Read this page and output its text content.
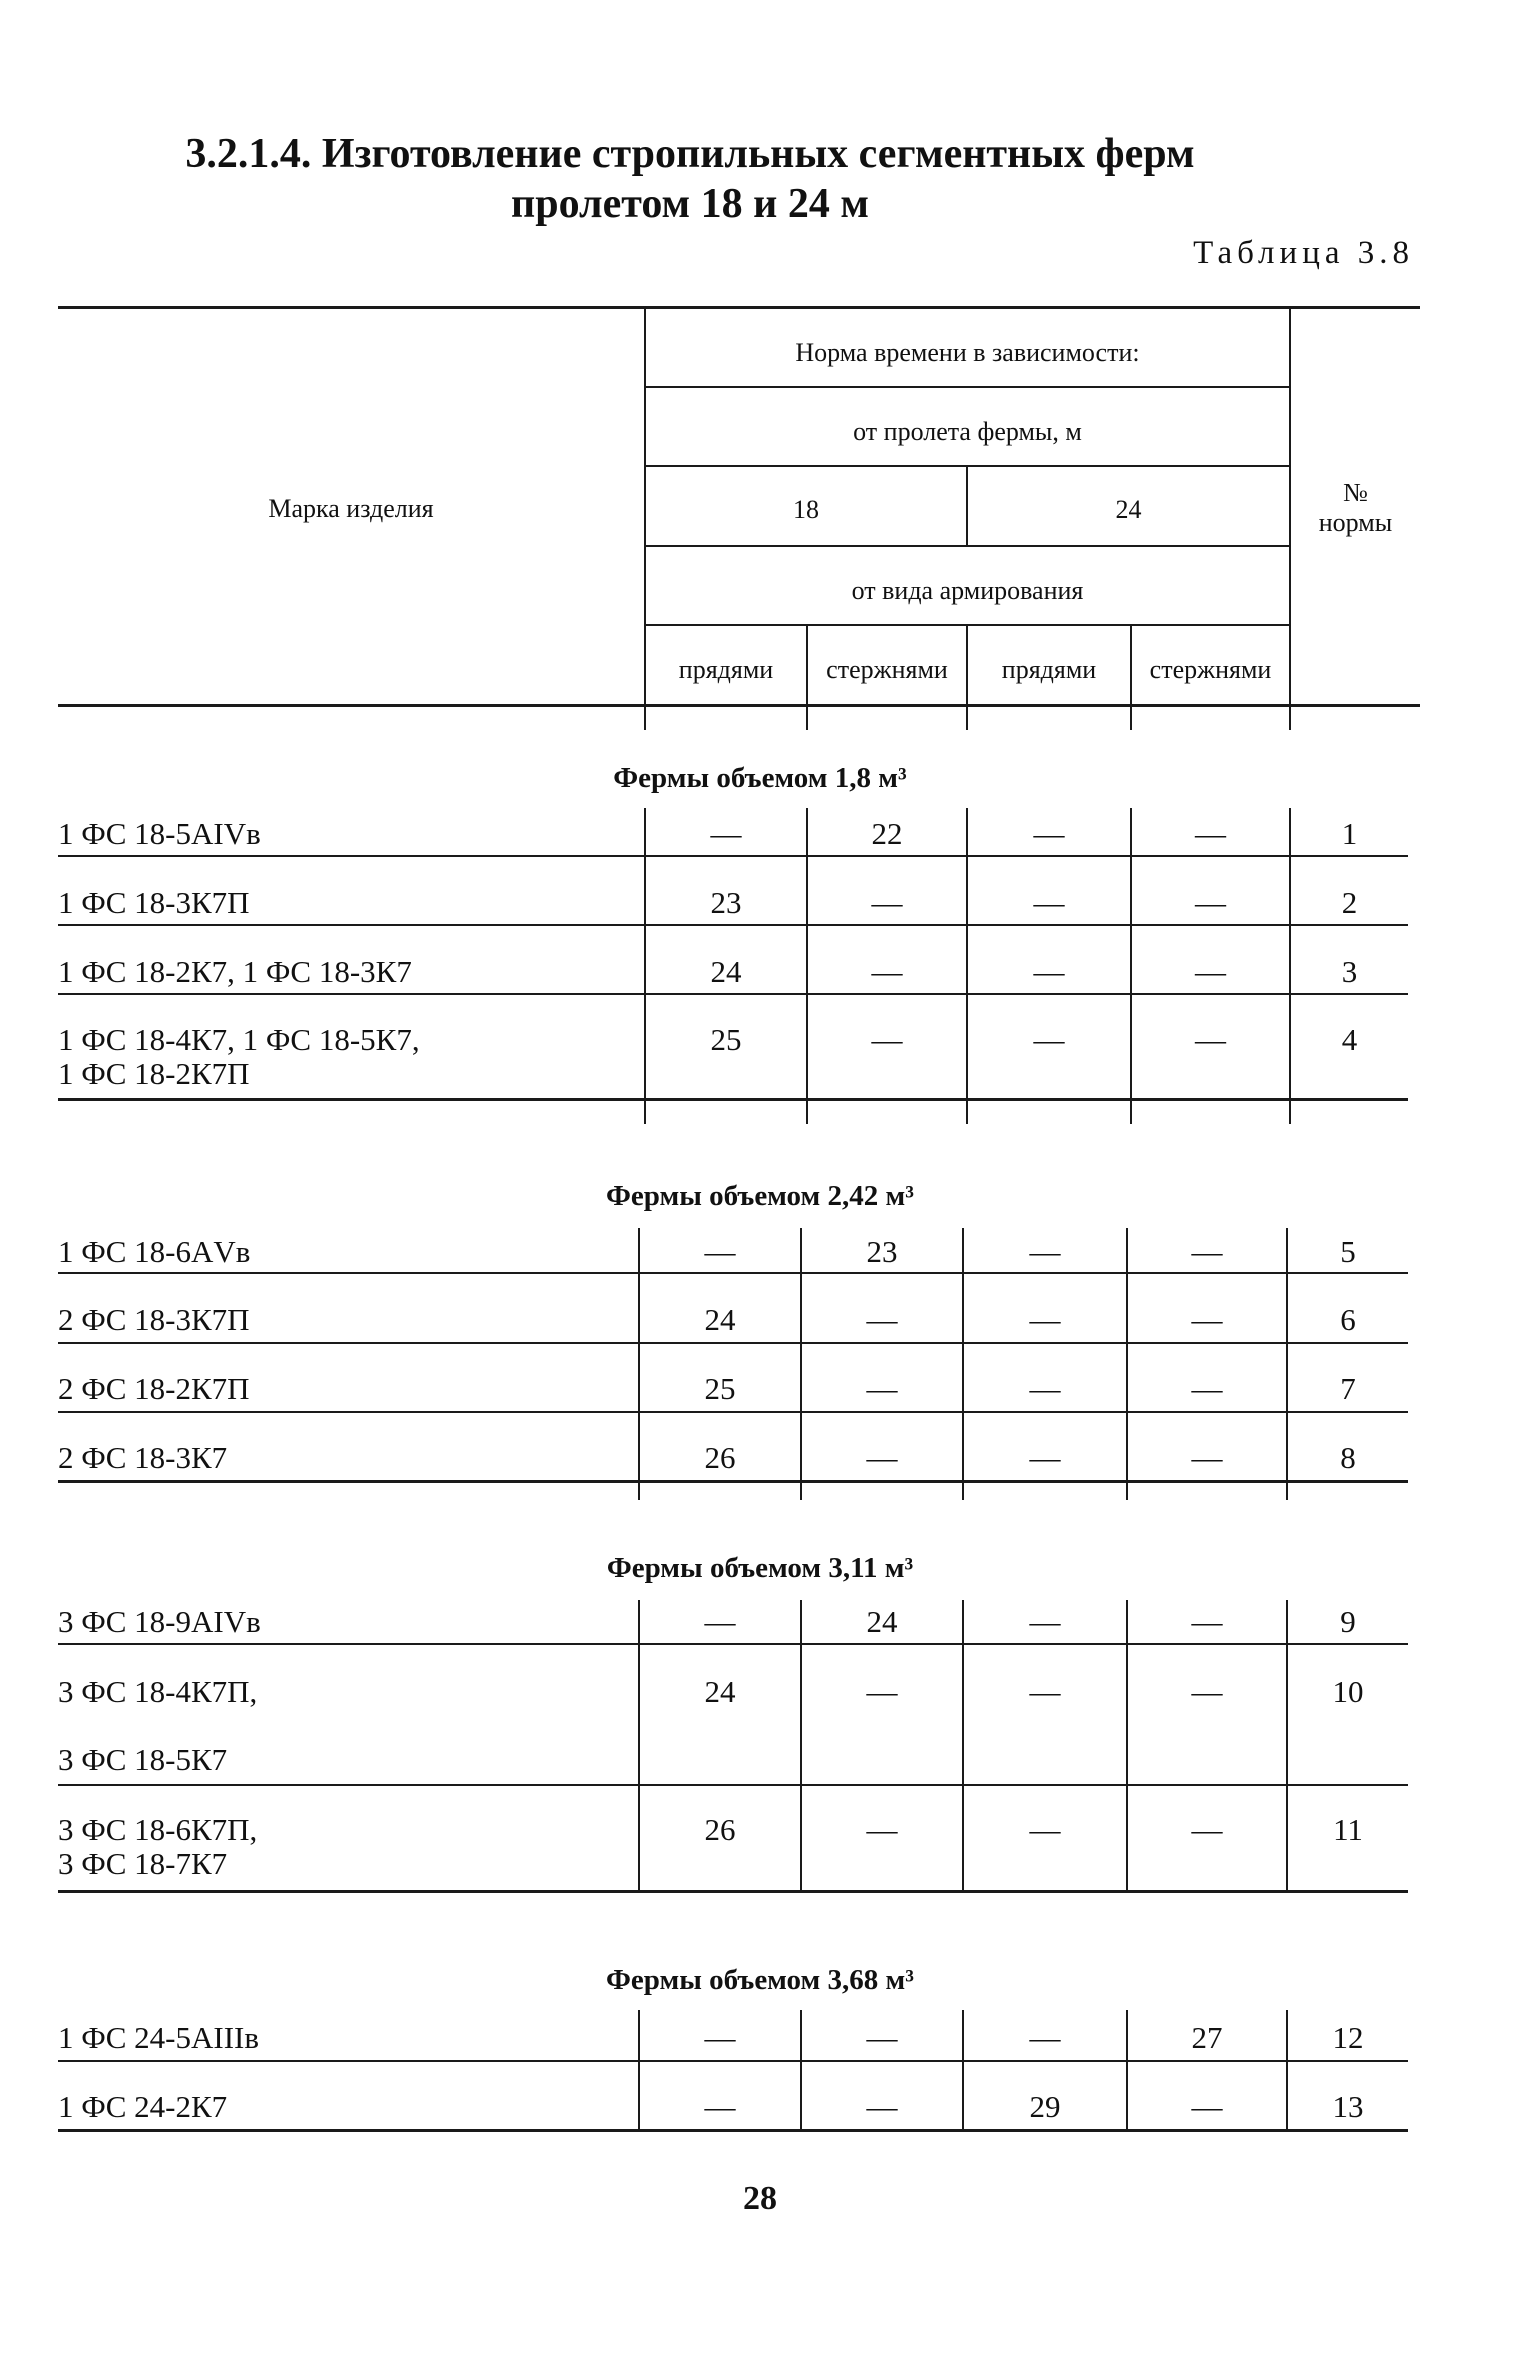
3.2.1.4. Изготовление стропильных сегментных ферм
пролетом 18 и 24 м
Таблица 3.8
Марка изделия
Норма времени в зависимости:
от пролета фермы, м
18	24
от вида армирования
прядями	стержнями	прядями	стержнями
№
нормы
Фермы объемом 1,8 м³
1 ФС 18-5АIVв	—	22	—	—	1
1 ФС 18-3К7П	23	—	—	—	2
1 ФС 18-2К7, 1 ФС 18-3К7	24	—	—	—	3
1 ФС 18-4К7, 1 ФС 18-5К7,
1 ФС 18-2К7П
25	—	—	—	4
Фермы объемом 2,42 м³
1 ФС 18-6АVв	—	23	—	—	5
2 ФС 18-3К7П	24	—	—	—	6
2 ФС 18-2К7П	25	—	—	—	7
2 ФС 18-3К7	26	—	—	—	8
Фермы объемом 3,11 м³
3 ФС 18-9АIVв	—	24	—	—	9
3 ФС 18-4К7П,
3 ФС 18-5К7
24	—	—	—	10
3 ФС 18-6К7П,
3 ФС 18-7К7
26	—	—	—	11
Фермы объемом 3,68 м³
1 ФС 24-5АIIIв	—	—	—	27	12
1 ФС 24-2К7	—	—	29	—	13
28
